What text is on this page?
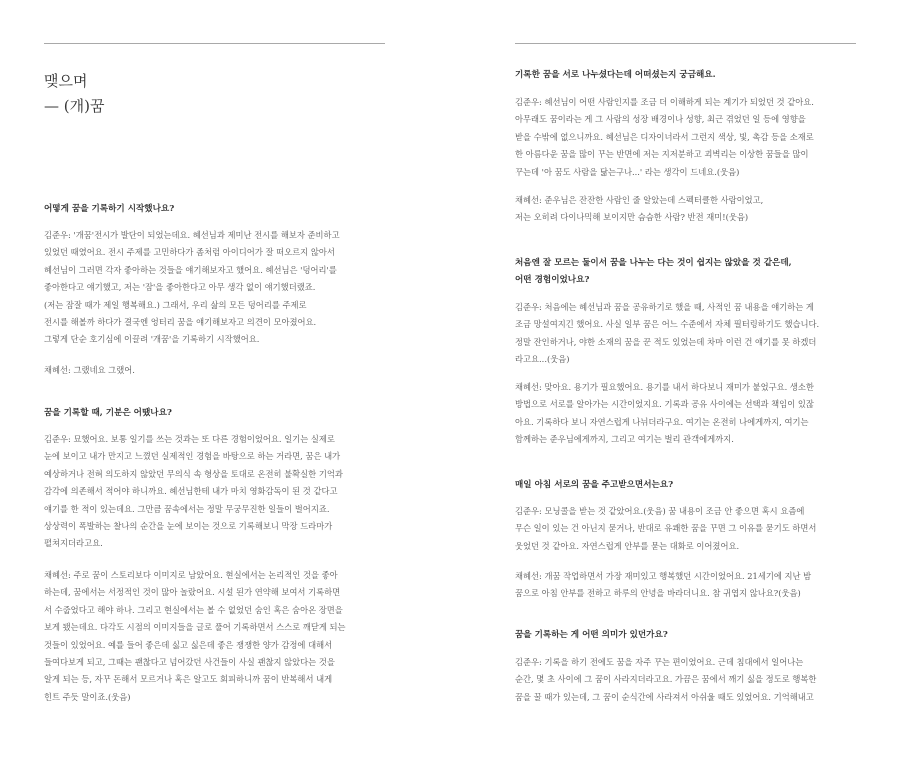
맺으며
— (개)꿈
어떻게 꿈을 기록하기 시작했나요?
김준우: '개꿈'전시가 발단이 되었는데요. 혜선님과 제미난 전시를 해보자 준비하고
있었던 때였어요. 전시 주제를 고민하다가 좀처럼 아이디어가 잘 떠오르지 않아서
혜선님이 그러면 각자 좋아하는 것들을 얘기해보자고 했어요. 혜선님은 '덩어리'를
좋아한다고 얘기했고, 저는 '잠'을 좋아한다고 아무 생각 없이 얘기했더랬죠.
(저는 잠잘 때가 제일 행복해요.) 그래서, 우리 삶의 모든 덩어리를 주제로
전시를 해볼까 하다가 결국엔 엉터리 꿈을 얘기해보자고 의견이 모아졌어요.
그렇게 단순 호기심에 이끌려 '개꿈'을 기록하기 시작했어요.
채혜선: 그랬네요 그랬어.
꿈을 기록할 때, 기분은 어땠나요?
김준우: 묘했어요. 보통 일기를 쓰는 것과는 또 다른 경험이었어요. 일기는 실제로
눈에 보이고 내가 만지고 느꼈던 실제적인 경험을 바탕으로 하는 거라면, 꿈은 내가
예상하거나 전혀 의도하지 않았던 무의식 속 형상을 토대로 온전히 불확실한 기억과
감각에 의존해서 적어야 하니까요. 혜선님한테 내가 마치 영화감독이 된 것 같다고
얘기를 한 적이 있는데요. 그만큼 꿈속에서는 정말 무궁무진한 일들이 벌어지죠.
상상력이 폭발하는 찰나의 순간을 눈에 보이는 것으로 기록해보니 막장 드라마가
펼쳐지더라고요.
채혜선: 주로 꿈이 스토리보다 이미지로 남았어요. 현실에서는 논리적인 것을 좋아
하는데, 꿈에서는 서정적인 것이 많아 놀랐어요. 시설 된가 연약해 보여서 기록하면
서 수줍었다고 해야 하나. 그리고 현실에서는 볼 수 없었던 숨인 혹은 숨아온 장면을
보게 됐는데요. 다각도 시점의 이미지들을 글로 풀어 기록하면서 스스로 깨닫게 되는
것들이 있었어요. 예를 들어 좋은데 싫고 싫은데 좋은 쟁쟁한 양가 감정에 대해서
들여다보게 되고, 그때는 괜찮다고 넘어갔던 사건들이 사실 괜찮지 않았다는 것을
알게 되는 등, 자꾸 돈해서 모르거나 혹은 알고도 회피하니까 꿈이 반복해서 내게
힌트 주듯 말이죠.(웃음)
기록한 꿈을 서로 나누셨다는데 어떠셨는지 궁금해요.
김준우: 혜선님이 어떤 사람인지를 조금 더 이해하게 되는 계기가 되었던 것 같아요.
아무래도 꿈이라는 게 그 사람의 성장 배경이나 성향, 최근 겪었던 일 등에 영향을
받을 수밖에 없으니까요. 혜선님은 디자이너라서 그런지 색상, 빛, 촉감 등을 소재로
한 아름다운 꿈을 많이 꾸는 반면에 저는 지저분하고 괴벽리는 이상한 꿈들을 많이
꾸는데 '아 꿈도 사람을 닮는구나...' 라는 생각이 드네요.(웃음)
채혜선: 준우님은 잔잔한 사람인 줄 알았는데 스펙터클한 사람이었고,
저는 오히려 다이나믹해 보이지만 슴슴한 사람? 반전 재미!(웃음)
처음엔 잘 모르는 둘이서 꿈을 나누는 다는 것이 쉽지는 않았을 것 같은데,
어떤 경험이었나요?
김준우: 처음에는 혜선님과 꿈을 공유하기로 했을 때, 사적인 꿈 내용을 얘기하는 게
조금 망설여지긴 했어요. 사실 일부 꿈은 어느 수준에서 자체 필터링하기도 했습니다.
정말 잔인하거나, 야한 소재의 꿈을 꾼 적도 있었는데 차마 이런 건 얘기를 못 하겠더
라고요...(웃음)
채혜선: 맞아요. 용기가 필요했어요. 용기를 내서 하다보니 재미가 붙었구요. 생소한
방법으로 서로를 알아가는 시간이었지요. 기록과 공유 사이에는 선택과 책임이 있잖
아요. 기록하다 보니 자연스럽게 나뉘더라구요. 여기는 온전히 나에게까지, 여기는
함께하는 준우님에게까지, 그리고 여기는 벌리 관객에게까지.
매일 아침 서로의 꿈을 주고받으면서는요?
김준우: 모닝콜을 받는 것 같았어요.(웃음) 꿈 내용이 조금 안 좋으면 혹시 요즘에
무슨 일이 있는 건 아닌지 묻거나, 반대로 유쾌한 꿈을 꾸면 그 이유를 묻기도 하면서
웃었던 것 같아요. 자연스럽게 안부를 묻는 대화로 이어졌어요.
채혜선: 개꿈 작업하면서 가장 재미있고 행복했던 시간이었어요. 21세기에 지난 밤
꿈으로 아침 안부를 전하고 하루의 안녕을 바라더니요. 참 귀엽지 않나요?(웃음)
꿈을 기록하는 게 어떤 의미가 있던가요?
김준우: 기록을 하기 전에도 꿈을 자주 꾸는 편이었어요. 근데 침대에서 일어나는
순간, 몇 초 사이에 그 꿈이 사라지더라고요. 가끔은 꿈에서 깨기 싫을 정도로 행복한
꿈을 꿀 때가 있는데, 그 꿈이 순식간에 사라져서 아쉬울 때도 있었어요. 기억해내고
